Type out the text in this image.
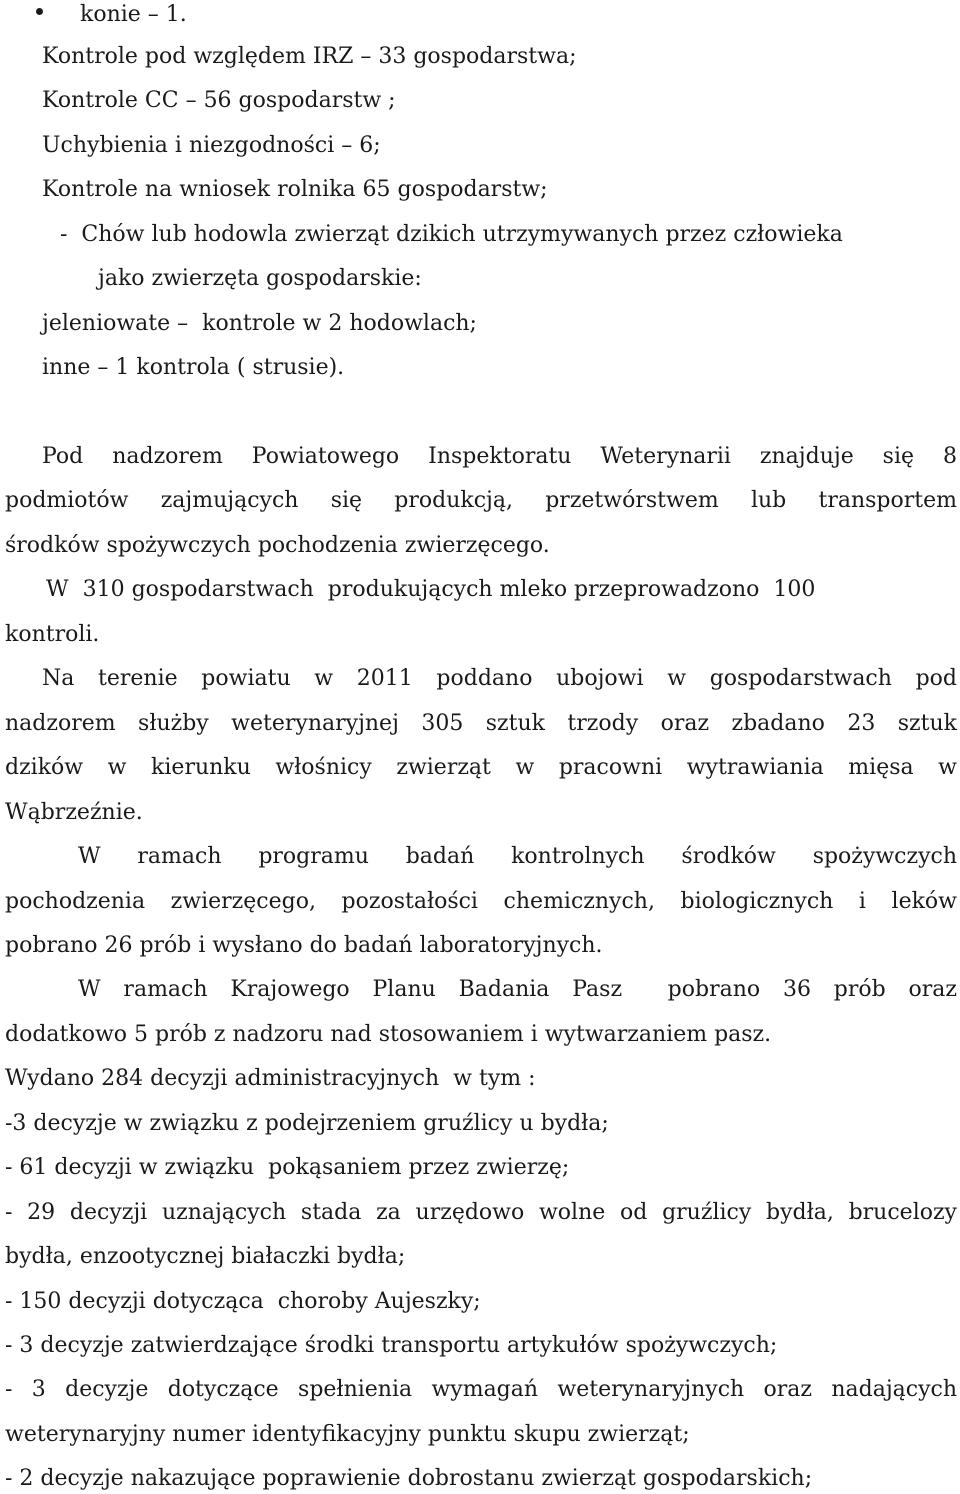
konie – 1.
Kontrole pod względem IRZ – 33 gospodarstwa;
Kontrole CC – 56 gospodarstw ;
Uchybienia i niezgodności – 6;
Kontrole na wniosek rolnika 65 gospodarstw;
-  Chów lub hodowla zwierząt dzikich utrzymywanych przez człowieka
jako zwierzęta gospodarskie:
jeleniowate –  kontrole w 2 hodowlach;
inne – 1 kontrola ( strusie).
Pod nadzorem Powiatowego Inspektoratu Weterynarii znajduje się 8
podmiotów zajmujących się produkcją, przetwórstwem lub transportem
środków spożywczych pochodzenia zwierzęcego.
W  310 gospodarstwach  produkujących mleko przeprowadzono  100
kontroli.
Na terenie powiatu w 2011 poddano ubojowi w gospodarstwach pod
nadzorem służby weterynaryjnej 305 sztuk trzody oraz zbadano 23 sztuk
dzików w kierunku włośnicy zwierząt w pracowni wytrawiania mięsa w
Wąbrzeźnie.
W ramach programu badań kontrolnych środków spożywczych
pochodzenia zwierzęcego, pozostałości chemicznych, biologicznych i leków
pobrano 26 prób i wysłano do badań laboratoryjnych.
W ramach Krajowego Planu Badania Pasz  pobrano 36 prób oraz
dodatkowo 5 prób z nadzoru nad stosowaniem i wytwarzaniem pasz.
Wydano 284 decyzji administracyjnych  w tym :
-3 decyzje w związku z podejrzeniem gruźlicy u bydła;
- 61 decyzji w związku  pokąsaniem przez zwierzę;
- 29 decyzji uznających stada za urzędowo wolne od gruźlicy bydła, brucelozy
bydła, enzootycznej białaczki bydła;
- 150 decyzji dotycząca  choroby Aujeszky;
- 3 decyzje zatwierdzające środki transportu artykułów spożywczych;
- 3 decyzje dotyczące spełnienia wymagań weterynaryjnych oraz nadających
weterynaryjny numer identyfikacyjny punktu skupu zwierząt;
- 2 decyzje nakazujące poprawienie dobrostanu zwierząt gospodarskich;
